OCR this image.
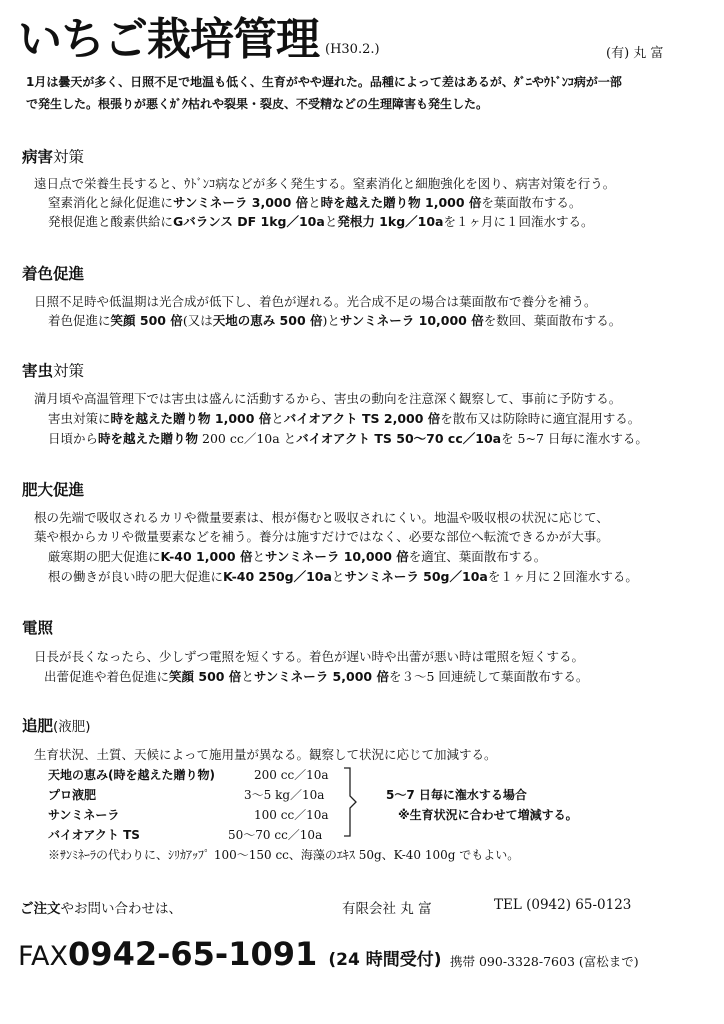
いちご栽培管理 (H30.2.)	(有) 丸 富
1月は曇天が多く、日照不足で地温も低く、生育がやや遅れた。品種によって差はあるが、ﾀﾞﾆやｳﾄﾞﾝｺ病が一部
で発生した。根張りが悪くｶﾞｸ枯れや裂果・裂皮、不受精などの生理障害も発生した。
病害対策
遠日点で栄養生長すると、ｳﾄﾞﾝｺ病などが多く発生する。窒素消化と細胞強化を図り、病害対策を行う。
窒素消化と緑化促進にサンミネーラ 3,000 倍と時を越えた贈り物 1,000 倍を葉面散布する。
発根促進と酸素供給にGバランス DF 1kg／10aと発根力 1kg／10aを１ヶ月に１回潅水する。
着色促進
日照不足時や低温期は光合成が低下し、着色が遅れる。光合成不足の場合は葉面散布で養分を補う。
着色促進に笑顔 500 倍(又は天地の恵み 500 倍)とサンミネーラ 10,000 倍を数回、葉面散布する。
害虫対策
満月頃や高温管理下では害虫は盛んに活動するから、害虫の動向を注意深く観察して、事前に予防する。
害虫対策に時を越えた贈り物 1,000 倍とバイオアクト TS 2,000 倍を散布又は防除時に適宜混用する。
日頃から時を越えた贈り物 200 cc／10a とバイオアクト TS 50～70 cc／10aを 5~7 日毎に潅水する。
肥大促進
根の先端で吸収されるカリや微量要素は、根が傷むと吸収されにくい。地温や吸収根の状況に応じて、
葉や根からカリや微量要素などを補う。養分は施すだけではなく、必要な部位へ転流できるかが大事。
厳寒期の肥大促進にK-40 1,000 倍とサンミネーラ 10,000 倍を適宜、葉面散布する。
根の働きが良い時の肥大促進にK-40 250g／10aとサンミネーラ 50g／10aを１ヶ月に２回潅水する。
電照
日長が長くなったら、少しずつ電照を短くする。着色が遅い時や出蕾が悪い時は電照を短くする。
出蕾促進や着色促進に笑顔 500 倍とサンミネーラ 5,000 倍を３～5 回連続して葉面散布する。
追肥(液肥)
生育状況、土質、天候によって施用量が異なる。観察して状況に応じて加減する。
天地の恵み(時を越えた贈り物)	200 cc／10a
プロ液肥	3～5 kg／10a
サンミネーラ	100 cc／10a
バイオアクト TS	50～70 cc／10a
5～7 日毎に潅水する場合
※生育状況に合わせて増減する。
※ｻﾝﾐﾈｰﾗの代わりに、ｼﾘｶｱｯﾌﾟ 100～150 cc、海藻のｴｷｽ 50g、K-40 100g でもよい。
ご注文やお問い合わせは、	有限会社 丸 富	TEL (0942) 65-0123
FAX0942-65-1091 (24 時間受付) 携帯 090-3328-7603 (富松まで)
